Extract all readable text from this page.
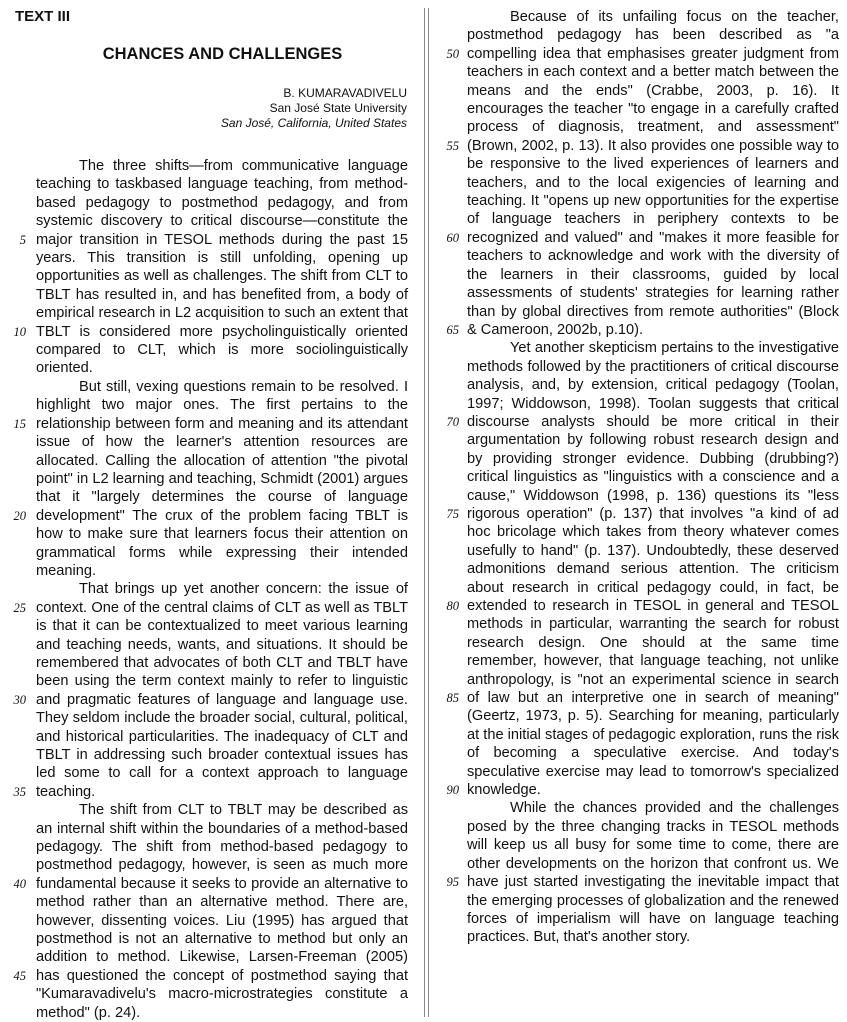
TEXT III
CHANCES AND CHALLENGES
B. KUMARAVADIVELU
San José State University
San José, California, United States

The three shifts—from communicative language teaching to taskbased language teaching, from method-based pedagogy to postmethod pedagogy, and from systemic discovery to critical discourse—constitute the major transition in TESOL methods during the past 15 years. This transition is still unfolding, opening up opportunities as well as challenges. The shift from CLT to TBLT has resulted in, and has benefited from, a body of empirical research in L2 acquisition to such an extent that TBLT is considered more psycholinguistically oriented compared to CLT, which is more sociolinguistically oriented.

But still, vexing questions remain to be resolved. I highlight two major ones. The first pertains to the relationship between form and meaning and its attendant issue of how the learner's attention resources are allocated. Calling the allocation of attention "the pivotal point" in L2 learning and teaching, Schmidt (2001) argues that it "largely determines the course of language development" The crux of the problem facing TBLT is how to make sure that learners focus their attention on grammatical forms while expressing their intended meaning.

That brings up yet another concern: the issue of context. One of the central claims of CLT as well as TBLT is that it can be contextualized to meet various learning and teaching needs, wants, and situations. It should be remembered that advocates of both CLT and TBLT have been using the term context mainly to refer to linguistic and pragmatic features of language and language use. They seldom include the broader social, cultural, political, and historical particularities. The inadequacy of CLT and TBLT in addressing such broader contextual issues has led some to call for a context approach to language teaching.

The shift from CLT to TBLT may be described as an internal shift within the boundaries of a method-based pedagogy. The shift from method-based pedagogy to postmethod pedagogy, however, is seen as much more fundamental because it seeks to provide an alternative to method rather than an alternative method. There are, however, dissenting voices. Liu (1995) has argued that postmethod is not an alternative to method but only an addition to method. Likewise, Larsen-Freeman (2005) has questioned the concept of postmethod saying that "Kumaravadivelu's macro-microstrategies constitute a method" (p. 24).

Because of its unfailing focus on the teacher, postmethod pedagogy has been described as "a compelling idea that emphasises greater judgment from teachers in each context and a better match between the means and the ends" (Crabbe, 2003, p. 16). It encourages the teacher "to engage in a carefully crafted process of diagnosis, treatment, and assessment" (Brown, 2002, p. 13). It also provides one possible way to be responsive to the lived experiences of learners and teachers, and to the local exigencies of learning and teaching. It "opens up new opportunities for the expertise of language teachers in periphery contexts to be recognized and valued" and "makes it more feasible for teachers to acknowledge and work with the diversity of the learners in their classrooms, guided by local assessments of students' strategies for learning rather than by global directives from remote authorities" (Block & Cameroon, 2002b, p.10).

Yet another skepticism pertains to the investigative methods followed by the practitioners of critical discourse analysis, and, by extension, critical pedagogy (Toolan, 1997; Widdowson, 1998). Toolan suggests that critical discourse analysts should be more critical in their argumentation by following robust research design and by providing stronger evidence. Dubbing (drubbing?) critical linguistics as "linguistics with a conscience and a cause," Widdowson (1998, p. 136) questions its "less rigorous operation" (p. 137) that involves "a kind of ad hoc bricolage which takes from theory whatever comes usefully to hand" (p. 137). Undoubtedly, these deserved admonitions demand serious attention. The criticism about research in critical pedagogy could, in fact, be extended to research in TESOL in general and TESOL methods in particular, warranting the search for robust research design. One should at the same time remember, however, that language teaching, not unlike anthropology, is "not an experimental science in search of law but an interpretive one in search of meaning" (Geertz, 1973, p. 5). Searching for meaning, particularly at the initial stages of pedagogic exploration, runs the risk of becoming a speculative exercise. And today's speculative exercise may lead to tomorrow's specialized knowledge.

While the chances provided and the challenges posed by the three changing tracks in TESOL methods will keep us all busy for some time to come, there are other developments on the horizon that confront us. We have just started investigating the inevitable impact that the emerging processes of globalization and the renewed forces of imperialism will have on language teaching practices. But, that's another story.

5
10
15
20
25
30
35
40
45
50
55
60
65
70
75
80
85
90
95
